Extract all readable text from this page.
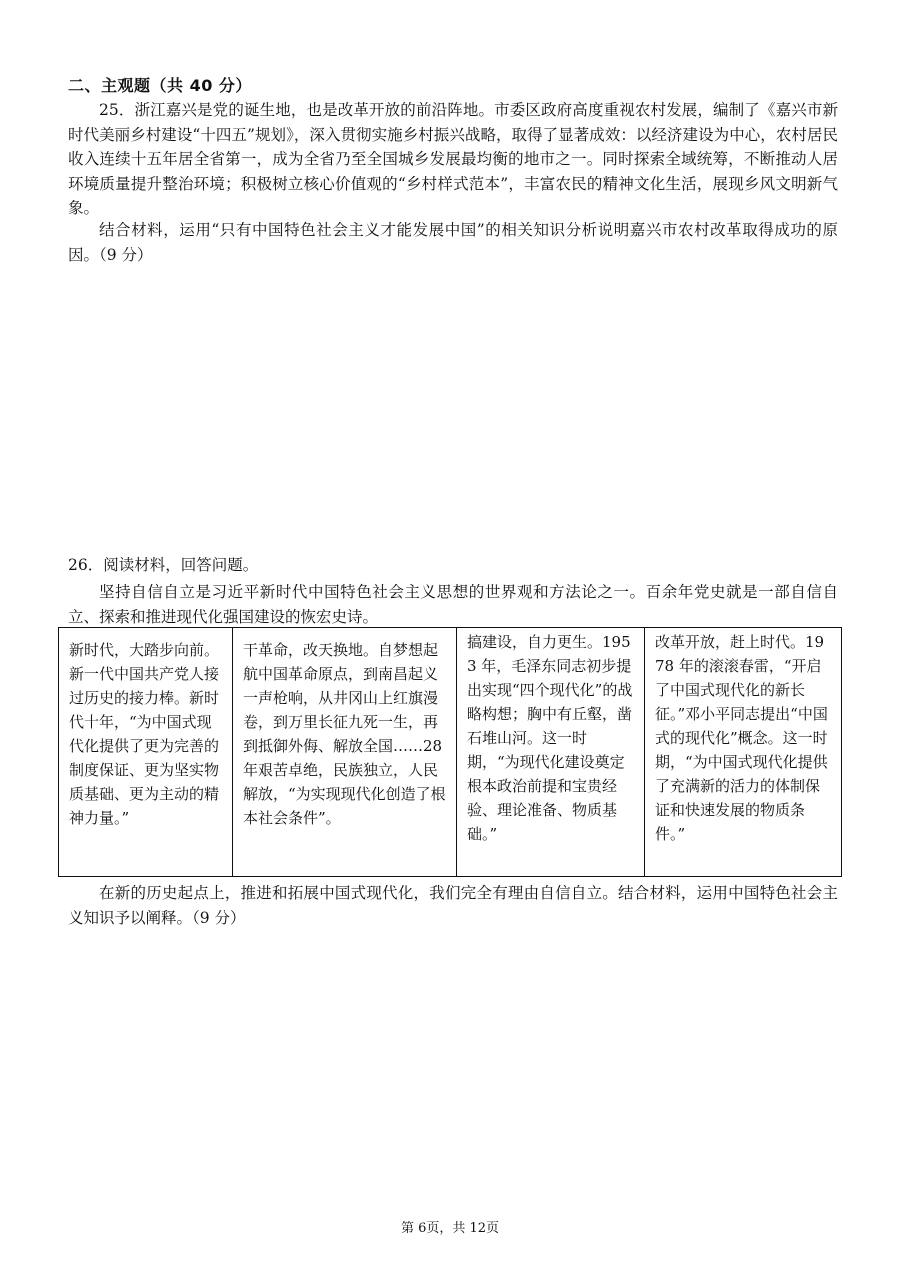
二、主观题（共 40 分）

25．浙江嘉兴是党的诞生地，也是改革开放的前沿阵地。市委区政府高度重视农村发展，编制了《嘉兴市新时代美丽乡村建设“十四五”规划》，深入贯彻实施乡村振兴战略，取得了显著成效：以经济建设为中心，农村居民收入连续十五年居全省第一，成为全省乃至全国城乡发展最均衡的地市之一。同时探索全域统筹，不断推动人居环境质量提升整治环境；积极树立核心价值观的“乡村样式范本”，丰富农民的精神文化生活，展现乡风文明新气象。

结合材料，运用“只有中国特色社会主义才能发展中国”的相关知识分析说明嘉兴市农村改革取得成功的原因。（9 分）

26．阅读材料，回答问题。

坚持自信自立是习近平新时代中国特色社会主义思想的世界观和方法论之一。百余年党史就是一部自信自立、探索和推进现代化强国建设的恢宏史诗。

新时代，大踏步向前。新一代中国共产党人接过历史的接力棒。新时代十年，“为中国式现代化提供了更为完善的制度保证、更为坚实物质基础、更为主动的精神力量。”	干革命，改天换地。自梦想起航中国革命原点，到南昌起义一声枪响，从井冈山上红旗漫卷，到万里长征九死一生，再到抵御外侮、解放全国……28 年艰苦卓绝，民族独立，人民解放，“为实现现代化创造了根本社会条件”。	搞建设，自力更生。1953 年，毛泽东同志初步提出实现“四个现代化”的战略构想；胸中有丘壑，凿石堆山河。这一时期，“为现代化建设奠定根本政治前提和宝贵经验、理论准备、物质基础。”	改革开放，赶上时代。1978 年的滚滚春雷，“开启了中国式现代化的新长征。”邓小平同志提出“中国式的现代化”概念。这一时期，“为中国式现代化提供了充满新的活力的体制保证和快速发展的物质条件。”

在新的历史起点上，推进和拓展中国式现代化，我们完全有理由自信自立。结合材料，运用中国特色社会主义知识予以阐释。（9 分）

第 6页，共 12页
